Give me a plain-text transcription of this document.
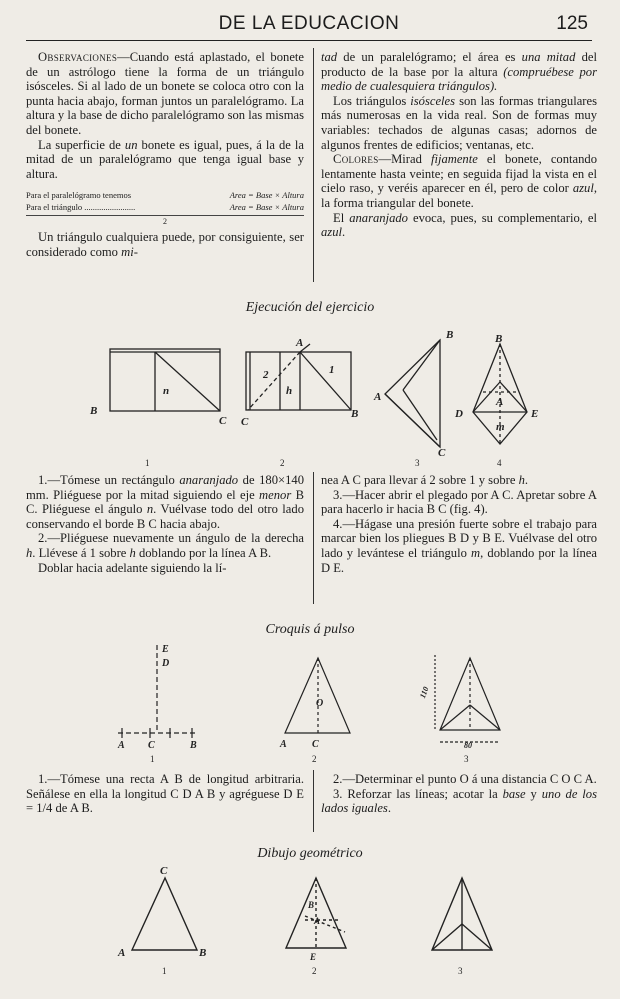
DE LA EDUCACION	125

Observaciones—Cuando está aplastado, el bonete de un astrólogo tiene la forma de un triángulo isósceles. Si al lado de un bonete se coloca otro con la punta hacia abajo, forman juntos un paralelógramo. La altura y la base de dicho paralelógramo son las mismas del bonete.

La superficie de un bonete es igual, pues, á la de la mitad de un paralelógramo que tenga igual base y altura.

Para el paralelógramo tenemos	Area = Base × Altura
Para el triángulo ........................	Area = Base × Altura
2

Un triángulo cualquiera puede, por consiguiente, ser considerado como mi-

tad de un paralelógramo; el área es una mitad del producto de la base por la altura (compruébese por medio de cualesquiera triángulos).

Los triángulos isósceles son las formas triangulares más numerosas en la vida real. Son de formas muy variables: techados de algunas casas; adornos de algunos frentes de edificios; ventanas, etc.

Colores—Mirad fijamente el bonete, contando lentamente hasta veinte; en seguida fijad la vista en el cielo raso, y veréis aparecer en él, pero de color azul, la forma triangular del bonete.

El anaranjado evoca, pues, su complementario, el azul.

Ejecución del ejercicio
n
B
C
A
2	1
h
C
B
B
A
C
B
A
D	E
m
1	2	3	4

1.—Tómese un rectángulo anaranjado de 180×140 mm. Pliéguese por la mitad siguiendo el eje menor B C. Pliéguese el ángulo n. Vuélvase todo del otro lado conservando el borde B C hacia abajo.

2.—Pliéguese nuevamente un ángulo de la derecha h. Llévese á 1 sobre h doblando por la línea A B.

Doblar hacia adelante siguiendo la lí-

nea A C para llevar á 2 sobre 1 y sobre h.

3.—Hacer abrir el plegado por A C. Apretar sobre A para hacerlo ir hacia B C (fig. 4).

4.—Hágase una presión fuerte sobre el trabajo para marcar bien los pliegues B D y B E. Vuélvase del otro lado y levántese el triángulo m, doblando por la línea D E.

Croquis á pulso
E
D
A C	B
O
A	C
110
80
1	2	3

1.—Tómese una recta A B de longitud arbitraria. Señálese en ella la longitud C D A B y agréguese D E = 1/4 de A B.

2.—Determinar el punto O á una distancia C O C A.

3. Reforzar las líneas; acotar la base y uno de los lados iguales.

Dibujo geométrico
C
A	B
B
A
E
1	2	3
